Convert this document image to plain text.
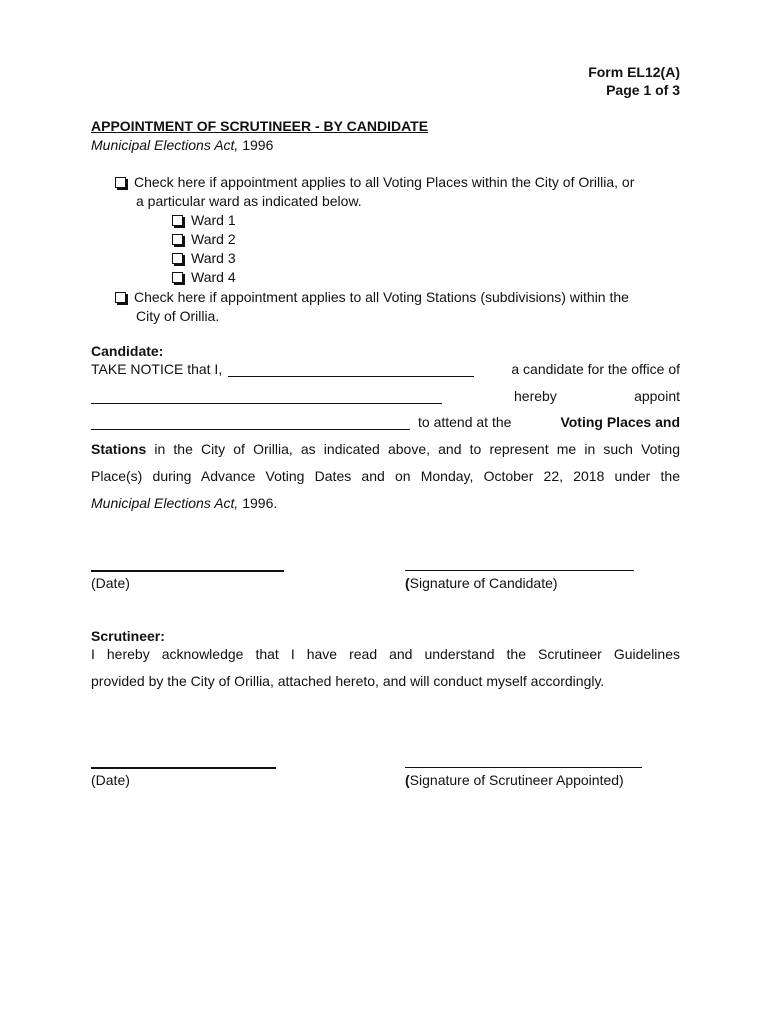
Form EL12(A)
Page 1 of 3
APPOINTMENT OF SCRUTINEER - BY CANDIDATE
Municipal Elections Act, 1996
Check here if appointment applies to all Voting Places within the City of Orillia, or
a particular ward as indicated below.
Ward 1
Ward 2
Ward 3
Ward 4
Check here if appointment applies to all Voting Stations (subdivisions) within the
City of Orillia.
Candidate:
TAKE NOTICE that I,	a candidate for the office of
hereby	appoint
to attend at the	Voting Places and
Stations in the City of Orillia, as indicated above, and to represent me in such Voting
Place(s) during Advance Voting Dates and on Monday, October 22, 2018 under the
Municipal Elections Act, 1996.
(Date)	(Signature of Candidate)
Scrutineer:
I hereby acknowledge that I have read and understand the Scrutineer Guidelines
provided by the City of Orillia, attached hereto, and will conduct myself accordingly.
(Date)	(Signature of Scrutineer Appointed)
